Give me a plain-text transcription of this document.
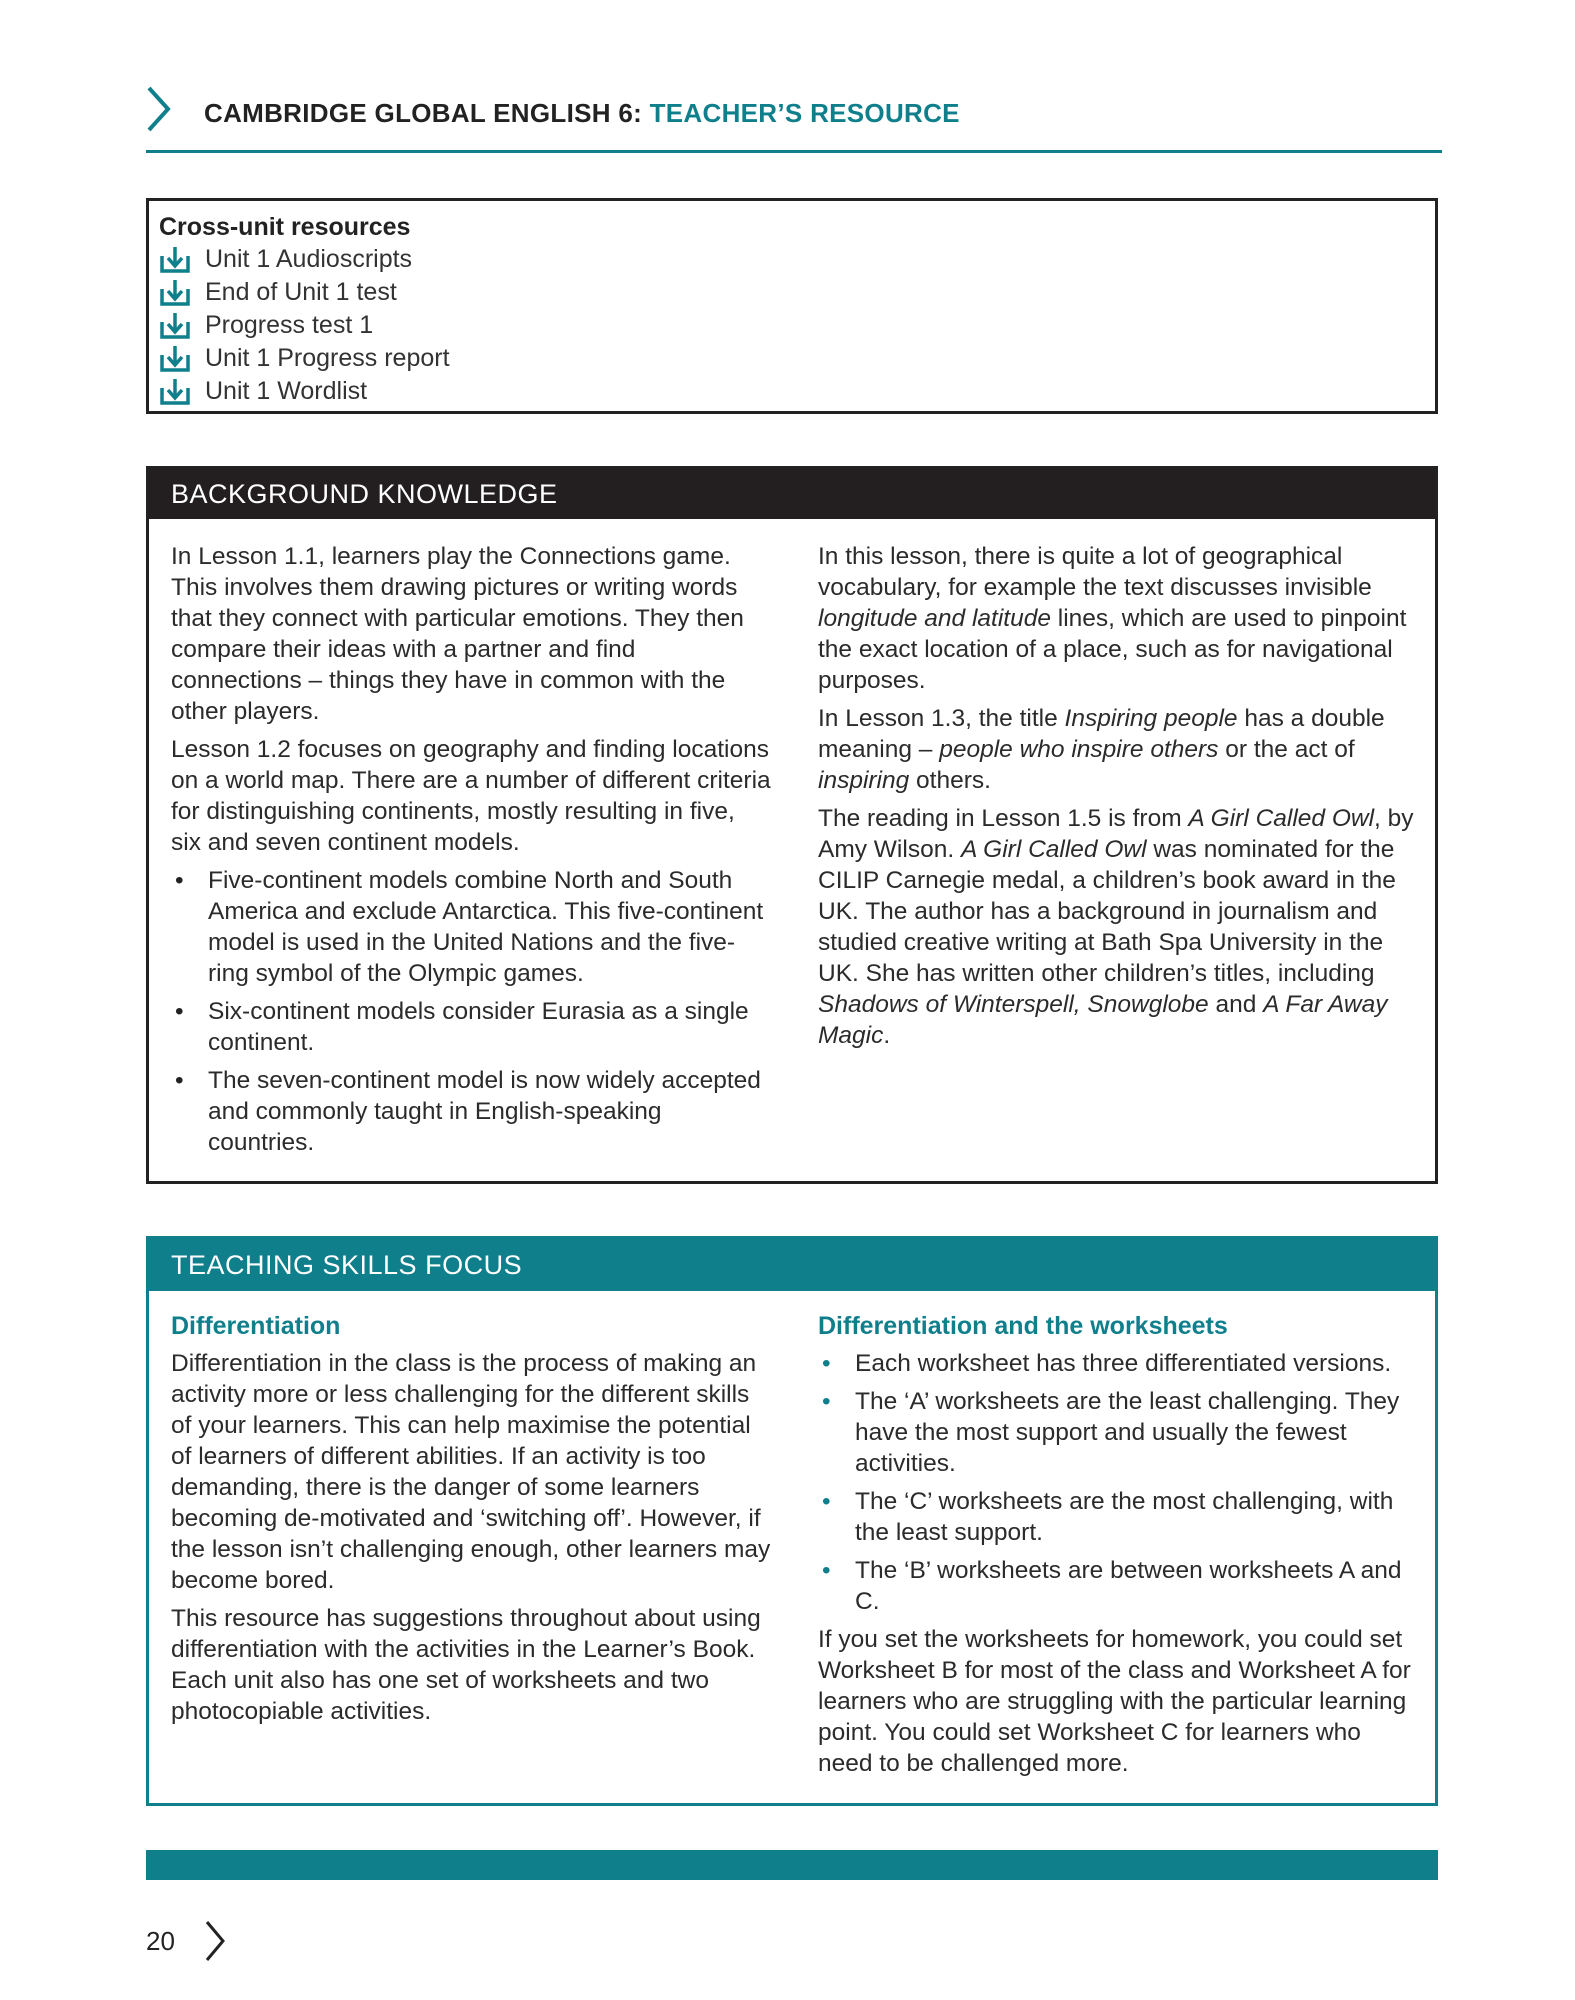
CAMBRIDGE GLOBAL ENGLISH 6: TEACHER’S RESOURCE
Cross-unit resources
Unit 1 Audioscripts
End of Unit 1 test
Progress test 1
Unit 1 Progress report
Unit 1 Wordlist
BACKGROUND KNOWLEDGE

In Lesson 1.1, learners play the Connections game. This involves them drawing pictures or writing words that they connect with particular emotions. They then compare their ideas with a partner and find connections – things they have in common with the other players.

Lesson 1.2 focuses on geography and finding locations on a world map. There are a number of different criteria for distinguishing continents, mostly resulting in five, six and seven continent models.

• Five-continent models combine North and South America and exclude Antarctica. This five-continent model is used in the United Nations and the five-ring symbol of the Olympic games.
• Six-continent models consider Eurasia as a single continent.
• The seven-continent model is now widely accepted and commonly taught in English-speaking countries.

In this lesson, there is quite a lot of geographical vocabulary, for example the text discusses invisible longitude and latitude lines, which are used to pinpoint the exact location of a place, such as for navigational purposes.

In Lesson 1.3, the title Inspiring people has a double meaning – people who inspire others or the act of inspiring others.

The reading in Lesson 1.5 is from A Girl Called Owl, by Amy Wilson. A Girl Called Owl was nominated for the CILIP Carnegie medal, a children’s book award in the UK. The author has a background in journalism and studied creative writing at Bath Spa University in the UK. She has written other children’s titles, including Shadows of Winterspell, Snowglobe and A Far Away Magic.

TEACHING SKILLS FOCUS
Differentiation

Differentiation in the class is the process of making an activity more or less challenging for the different skills of your learners. This can help maximise the potential of learners of different abilities. If an activity is too demanding, there is the danger of some learners becoming de-motivated and ‘switching off’. However, if the lesson isn’t challenging enough, other learners may become bored.

This resource has suggestions throughout about using differentiation with the activities in the Learner’s Book. Each unit also has one set of worksheets and two photocopiable activities.

Differentiation and the worksheets
• Each worksheet has three differentiated versions.
• The ‘A’ worksheets are the least challenging. They have the most support and usually the fewest activities.
• The ‘C’ worksheets are the most challenging, with the least support.
• The ‘B’ worksheets are between worksheets A and C.

If you set the worksheets for homework, you could set Worksheet B for most of the class and Worksheet A for learners who are struggling with the particular learning point. You could set Worksheet C for learners who need to be challenged more.

20
